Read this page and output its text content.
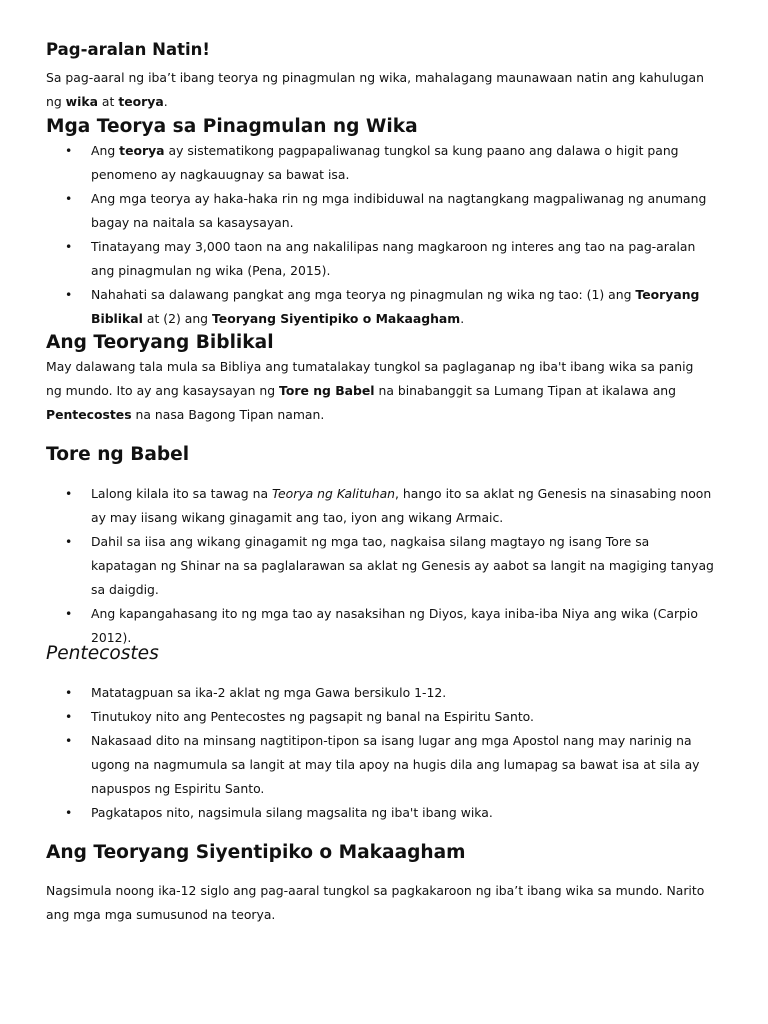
Pag-aralan Natin!

Sa pag-aaral ng iba’t ibang teorya ng pinagmulan ng wika, mahalagang maunawaan natin ang kahulugan ng wika at teorya.

Mga Teorya sa Pinagmulan ng Wika
• Ang teorya ay sistematikong pagpapaliwanag tungkol sa kung paano ang dalawa o higit pang penomeno ay nagkauugnay sa bawat isa.
• Ang mga teorya ay haka-haka rin ng mga indibiduwal na nagtangkang magpaliwanag ng anumang bagay na naitala sa kasaysayan.
• Tinatayang may 3,000 taon na ang nakalilipas nang magkaroon ng interes ang tao na pag-aralan ang pinagmulan ng wika (Pena, 2015).
• Nahahati sa dalawang pangkat ang mga teorya ng pinagmulan ng wika ng tao: (1) ang Teoryang Biblikal at (2) ang Teoryang Siyentipiko o Makaagham.
Ang Teoryang Biblikal

May dalawang tala mula sa Bibliya ang tumatalakay tungkol sa paglaganap ng iba't ibang wika sa panig ng mundo. Ito ay ang kasaysayan ng Tore ng Babel na binabanggit sa Lumang Tipan at ikalawa ang Pentecostes na nasa Bagong Tipan naman.

Tore ng Babel
• Lalong kilala ito sa tawag na Teorya ng Kalituhan, hango ito sa aklat ng Genesis na sinasabing noon ay may iisang wikang ginagamit ang tao, iyon ang wikang Armaic.
• Dahil sa iisa ang wikang ginagamit ng mga tao, nagkaisa silang magtayo ng isang Tore sa kapatagan ng Shinar na sa paglalarawan sa aklat ng Genesis ay aabot sa langit na magiging tanyag sa daigdig.
• Ang kapangahasang ito ng mga tao ay nasaksihan ng Diyos, kaya iniba-iba Niya ang wika (Carpio 2012).
Pentecostes
• Matatagpuan sa ika-2 aklat ng mga Gawa bersikulo 1-12.
• Tinutukoy nito ang Pentecostes ng pagsapit ng banal na Espiritu Santo.
• Nakasaad dito na minsang nagtitipon-tipon sa isang lugar ang mga Apostol nang may narinig na ugong na nagmumula sa langit at may tila apoy na hugis dila ang lumapag sa bawat isa at sila ay napuspos ng Espiritu Santo.
• Pagkatapos nito, nagsimula silang magsalita ng iba't ibang wika.
Ang Teoryang Siyentipiko o Makaagham

Nagsimula noong ika-12 siglo ang pag-aaral tungkol sa pagkakaroon ng iba’t ibang wika sa mundo. Narito ang mga mga sumusunod na teorya.
